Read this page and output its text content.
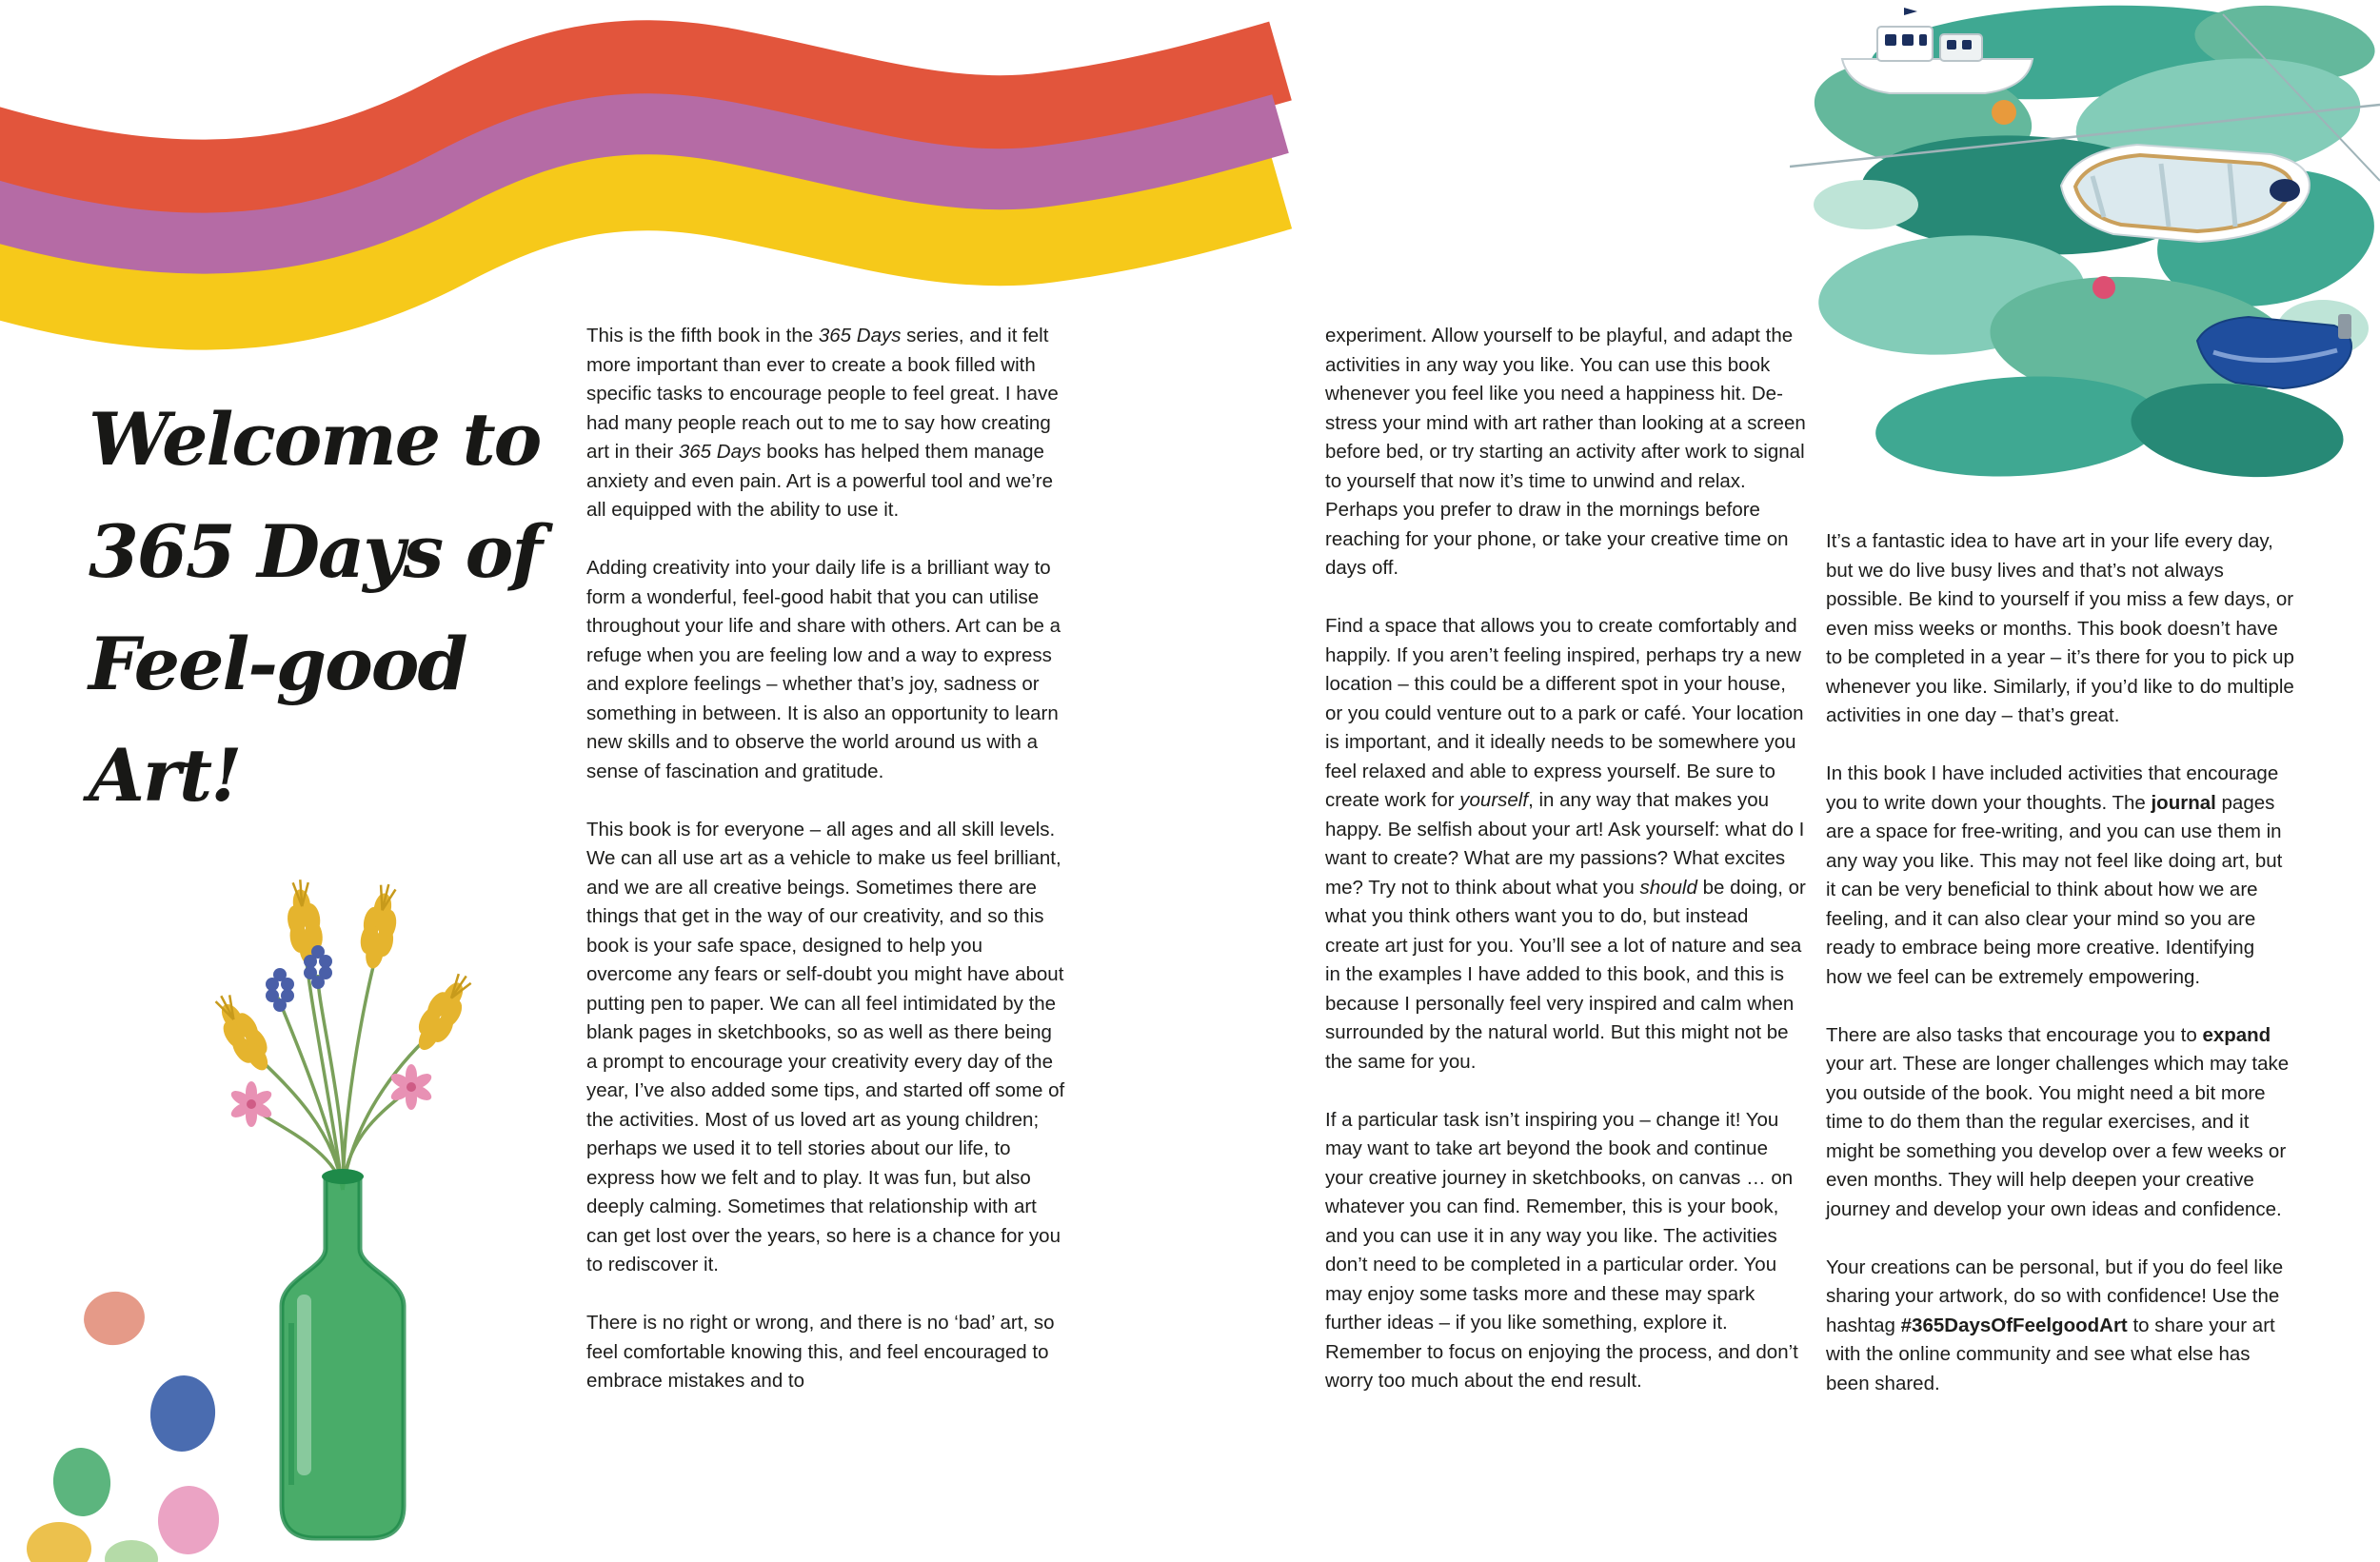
Welcome to
365 Days of
Feel-good
Art!

This is the fifth book in the 365 Days series, and it felt more important than ever to create a book filled with specific tasks to encourage people to feel great. I have had many people reach out to me to say how creating art in their 365 Days books has helped them manage anxiety and even pain. Art is a powerful tool and we’re all equipped with the ability to use it.

Adding creativity into your daily life is a brilliant way to form a wonderful, feel-good habit that you can utilise throughout your life and share with others. Art can be a refuge when you are feeling low and a way to express and explore feelings – whether that’s joy, sadness or something in between. It is also an opportunity to learn new skills and to observe the world around us with a sense of fascination and gratitude.

This book is for everyone – all ages and all skill levels. We can all use art as a vehicle to make us feel brilliant, and we are all creative beings. Sometimes there are things that get in the way of our creativity, and so this book is your safe space, designed to help you overcome any fears or self-doubt you might have about putting pen to paper. We can all feel intimidated by the blank pages in sketchbooks, so as well as there being a prompt to encourage your creativity every day of the year, I’ve also added some tips, and started off some of the activities. Most of us loved art as young children; perhaps we used it to tell stories about our life, to express how we felt and to play. It was fun, but also deeply calming. Sometimes that relationship with art can get lost over the years, so here is a chance for you to rediscover it.

There is no right or wrong, and there is no ‘bad’ art, so feel comfortable knowing this, and feel encouraged to embrace mistakes and to

experiment. Allow yourself to be playful, and adapt the activities in any way you like. You can use this book whenever you feel like you need a happiness hit. De-stress your mind with art rather than looking at a screen before bed, or try starting an activity after work to signal to yourself that now it’s time to unwind and relax. Perhaps you prefer to draw in the mornings before reaching for your phone, or take your creative time on days off.

Find a space that allows you to create comfortably and happily. If you aren’t feeling inspired, perhaps try a new location – this could be a different spot in your house, or you could venture out to a park or café. Your location is important, and it ideally needs to be somewhere you feel relaxed and able to express yourself. Be sure to create work for yourself, in any way that makes you happy. Be selfish about your art! Ask yourself: what do I want to create? What are my passions? What excites me? Try not to think about what you should be doing, or what you think others want you to do, but instead create art just for you. You’ll see a lot of nature and sea in the examples I have added to this book, and this is because I personally feel very inspired and calm when surrounded by the natural world. But this might not be the same for you.

If a particular task isn’t inspiring you – change it! You may want to take art beyond the book and continue your creative journey in sketchbooks, on canvas … on whatever you can find. Remember, this is your book, and you can use it in any way you like. The activities don’t need to be completed in a particular order. You may enjoy some tasks more and these may spark further ideas – if you like something, explore it. Remember to focus on enjoying the process, and don’t worry too much about the end result.

It’s a fantastic idea to have art in your life every day, but we do live busy lives and that’s not always possible. Be kind to yourself if you miss a few days, or even miss weeks or months. This book doesn’t have to be completed in a year – it’s there for you to pick up whenever you like. Similarly, if you’d like to do multiple activities in one day – that’s great.

In this book I have included activities that encourage you to write down your thoughts. The journal pages are a space for free-writing, and you can use them in any way you like. This may not feel like doing art, but it can be very beneficial to think about how we are feeling, and it can also clear your mind so you are ready to embrace being more creative. Identifying how we feel can be extremely empowering.

There are also tasks that encourage you to expand your art. These are longer challenges which may take you outside of the book. You might need a bit more time to do them than the regular exercises, and it might be something you develop over a few weeks or even months. They will help deepen your creative journey and develop your own ideas and confidence.

Your creations can be personal, but if you do feel like sharing your artwork, do so with confidence! Use the hashtag #365DaysOfFeelgoodArt to share your art with the online community and see what else has been shared.
